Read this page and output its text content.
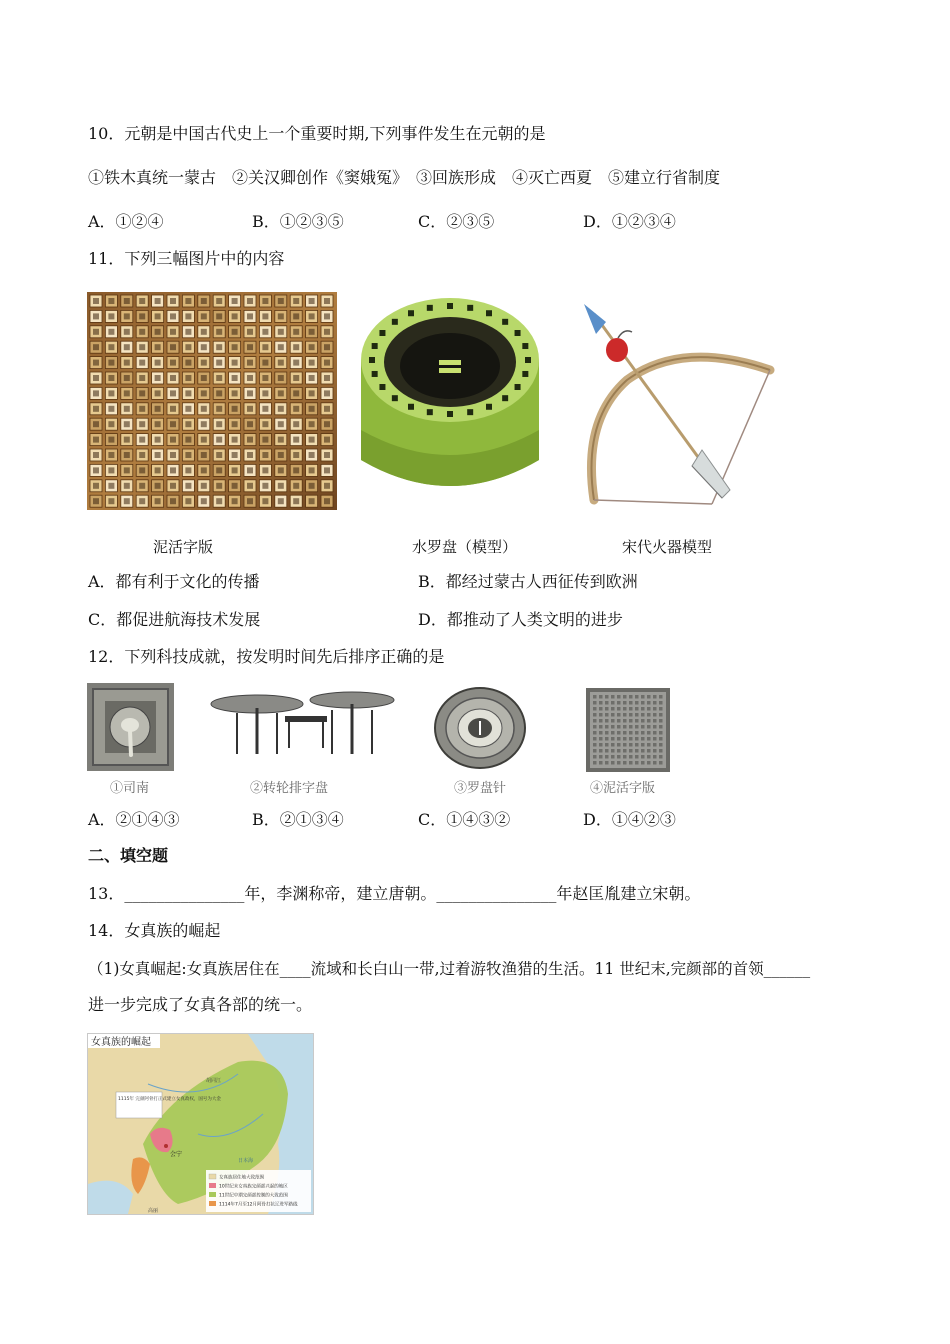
10．元朝是中国古代史上一个重要时期,下列事件发生在元朝的是
①铁木真统一蒙古　②关汉卿创作《窦娥冤》　③回族形成　④灭亡西夏　⑤建立行省制度
A．①②④	B．①②③⑤	C．②③⑤	D．①②③④
11．下列三幅图片中的内容
泥活字版	水罗盘（模型）	宋代火器模型
A．都有利于文化的传播	B．都经过蒙古人西征传到欧洲
C．都促进航海技术发展	D．都推动了人类文明的进步
12．下列科技成就，按发明时间先后排序正确的是
①司南	②转轮排字盘	③罗盘针	④泥活字版
A．②①④③	B．②①③④	C．①④③②	D．①④②③
二、填空题
13．_______________年，李渊称帝，建立唐朝。_______________年赵匡胤建立宋朝。
14．女真族的崛起
（1)女真崛起:女真族居住在____流域和长白山一带,过着游牧渔猎的生活。11 世纪末,完颜部的首领______
进一步完成了女真各部的统一。
女真族的崛起
1115年 完颜阿骨打正式建立女真政权，国号为大金
会宁
胡同江
日本海
高丽
女真族居住地大致范围
10世纪末女真族完颜部兴起的地区
11世纪中期完颜部控制的大致范围
1114年7月至12月阿骨打抗辽进军路线
